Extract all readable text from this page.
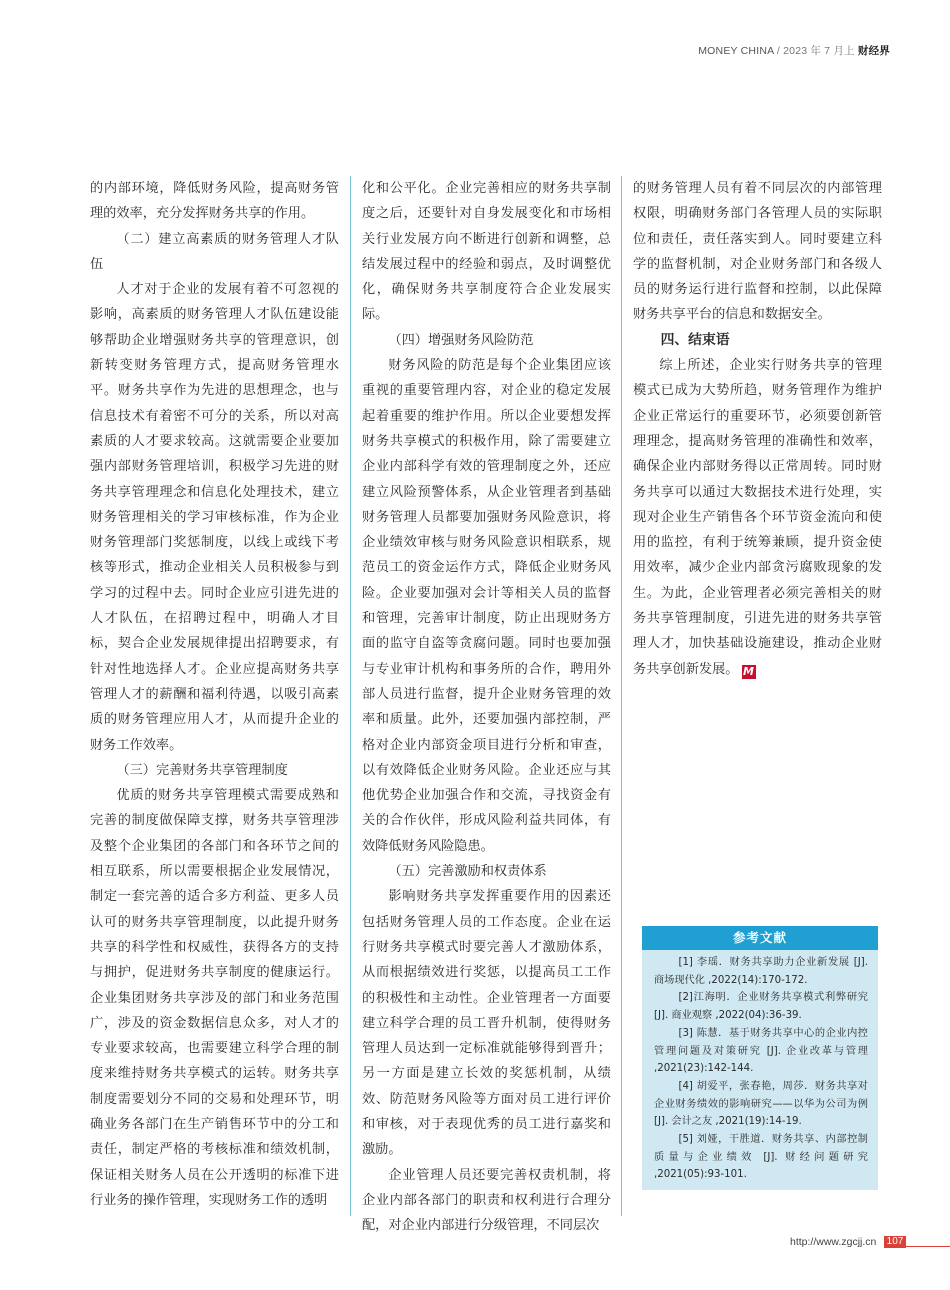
MONEY CHINA / 2023 年 7 月上 财经界

的内部环境，降低财务风险，提高财务管理的效率，充分发挥财务共享的作用。

（二）建立高素质的财务管理人才队伍

人才对于企业的发展有着不可忽视的影响，高素质的财务管理人才队伍建设能够帮助企业增强财务共享的管理意识，创新转变财务管理方式，提高财务管理水平。财务共享作为先进的思想理念，也与信息技术有着密不可分的关系，所以对高素质的人才要求较高。这就需要企业要加强内部财务管理培训，积极学习先进的财务共享管理理念和信息化处理技术，建立财务管理相关的学习审核标准，作为企业财务管理部门奖惩制度，以线上或线下考核等形式，推动企业相关人员积极参与到学习的过程中去。同时企业应引进先进的人才队伍，在招聘过程中，明确人才目标，契合企业发展规律提出招聘要求，有针对性地选择人才。企业应提高财务共享管理人才的薪酬和福利待遇，以吸引高素质的财务管理应用人才，从而提升企业的财务工作效率。

（三）完善财务共享管理制度

优质的财务共享管理模式需要成熟和完善的制度做保障支撑，财务共享管理涉及整个企业集团的各部门和各环节之间的相互联系，所以需要根据企业发展情况，制定一套完善的适合多方利益、更多人员认可的财务共享管理制度，以此提升财务共享的科学性和权威性，获得各方的支持与拥护，促进财务共享制度的健康运行。企业集团财务共享涉及的部门和业务范围广，涉及的资金数据信息众多，对人才的专业要求较高，也需要建立科学合理的制度来维持财务共享模式的运转。财务共享制度需要划分不同的交易和处理环节，明确业务各部门在生产销售环节中的分工和责任，制定严格的考核标准和绩效机制，保证相关财务人员在公开透明的标准下进行业务的操作管理，实现财务工作的透明

化和公平化。企业完善相应的财务共享制度之后，还要针对自身发展变化和市场相关行业发展方向不断进行创新和调整，总结发展过程中的经验和弱点，及时调整优化，确保财务共享制度符合企业发展实际。

（四）增强财务风险防范

财务风险的防范是每个企业集团应该重视的重要管理内容，对企业的稳定发展起着重要的维护作用。所以企业要想发挥财务共享模式的积极作用，除了需要建立企业内部科学有效的管理制度之外，还应建立风险预警体系，从企业管理者到基础财务管理人员都要加强财务风险意识，将企业绩效审核与财务风险意识相联系，规范员工的资金运作方式，降低企业财务风险。企业要加强对会计等相关人员的监督和管理，完善审计制度，防止出现财务方面的监守自盗等贪腐问题。同时也要加强与专业审计机构和事务所的合作，聘用外部人员进行监督，提升企业财务管理的效率和质量。此外，还要加强内部控制，严格对企业内部资金项目进行分析和审查，以有效降低企业财务风险。企业还应与其他优势企业加强合作和交流，寻找资金有关的合作伙伴，形成风险利益共同体，有效降低财务风险隐患。

（五）完善激励和权责体系

影响财务共享发挥重要作用的因素还包括财务管理人员的工作态度。企业在运行财务共享模式时要完善人才激励体系，从而根据绩效进行奖惩，以提高员工工作的积极性和主动性。企业管理者一方面要建立科学合理的员工晋升机制，使得财务管理人员达到一定标准就能够得到晋升；另一方面是建立长效的奖惩机制，从绩效、防范财务风险等方面对员工进行评价和审核，对于表现优秀的员工进行嘉奖和激励。

企业管理人员还要完善权责机制，将企业内部各部门的职责和权利进行合理分配，对企业内部进行分级管理，不同层次

的财务管理人员有着不同层次的内部管理权限，明确财务部门各管理人员的实际职位和责任，责任落实到人。同时要建立科学的监督机制，对企业财务部门和各级人员的财务运行进行监督和控制，以此保障财务共享平台的信息和数据安全。

四、结束语

综上所述，企业实行财务共享的管理模式已成为大势所趋，财务管理作为维护企业正常运行的重要环节，必须要创新管理理念，提高财务管理的准确性和效率，确保企业内部财务得以正常周转。同时财务共享可以通过大数据技术进行处理，实现对企业生产销售各个环节资金流向和使用的监控，有利于统筹兼顾，提升资金使用效率，减少企业内部贪污腐败现象的发生。为此，企业管理者必须完善相关的财务共享管理制度，引进先进的财务共享管理人才，加快基础设施建设，推动企业财务共享创新发展。 M

参考文献
[1] 李瑶．财务共享助力企业新发展 [J]. 商场现代化 ,2022(14):170-172.
[2]江海明．企业财务共享模式利弊研究[J]. 商业观察 ,2022(04):36-39.
[3] 陈慧．基于财务共享中心的企业内控管理问题及对策研究 [J]. 企业改革与管理 ,2021(23):142-144.
[4] 胡爱平，张春艳，周莎．财务共享对企业财务绩效的影响研究——以华为公司为例 [J]. 会计之友 ,2021(19):14-19.
[5] 刘娅，干胜道．财务共享、内部控制质量与企业绩效 [J]. 财经问题研究 ,2021(05):93-101.
http://www.zgcjj.cn 107
